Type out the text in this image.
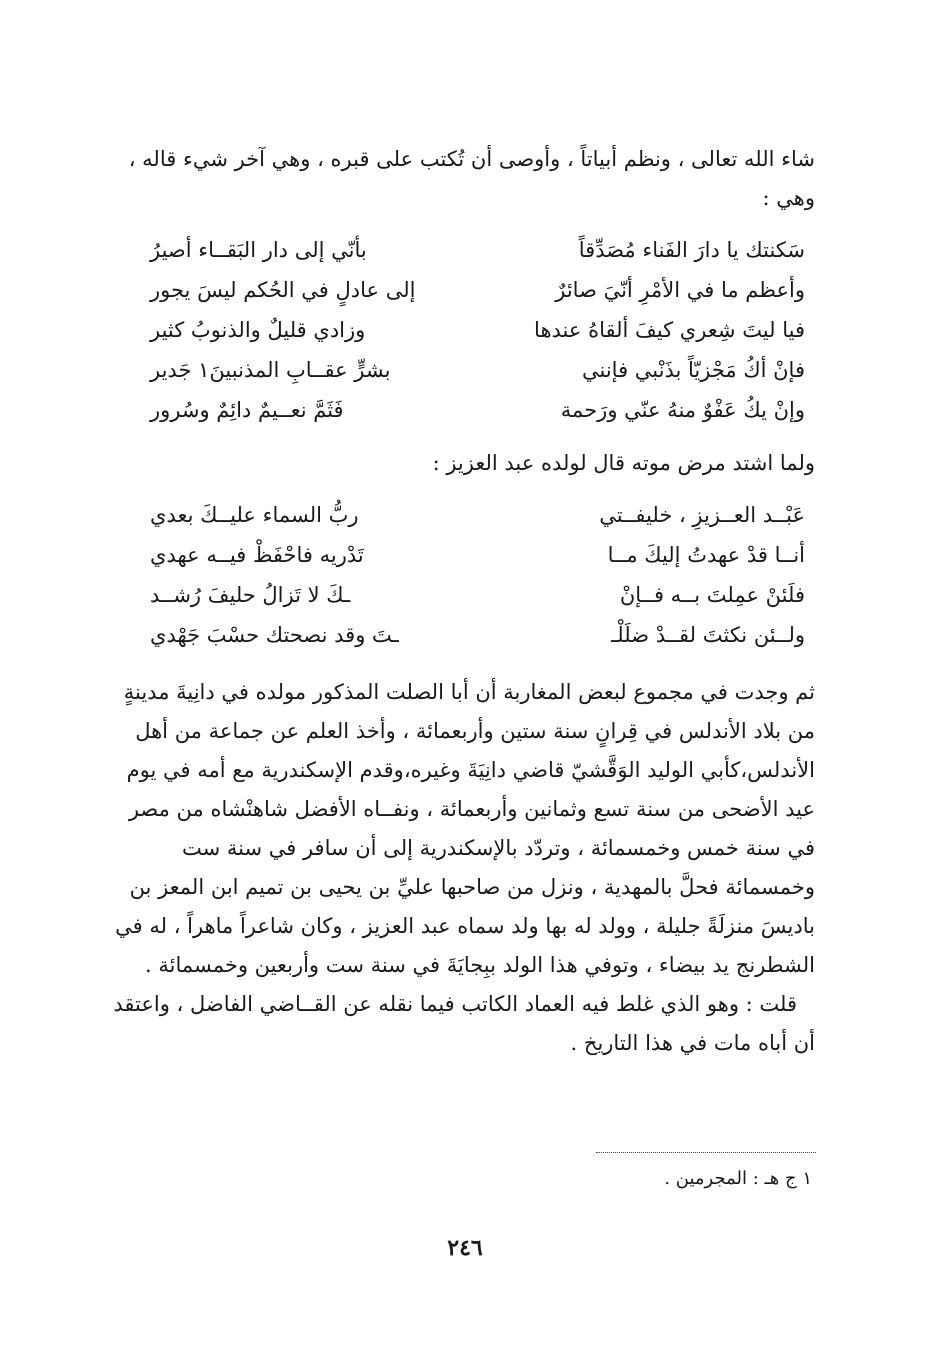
شاء الله تعالى ، ونظم أبياتاً ، وأوصى أن تُكتب على قبره ، وهي آخر شيء قاله ، وهي :

سَكنتك يا دارَ الفَناء مُصَدِّقاً
بأنّي إلى دار البَقــاء أصيرُ
وأعظم ما في الأمْرِ أنّيَ صائرٌ
إلى عادلٍ في الحُكم ليسَ يجور
فيا ليتَ شِعري كيفَ ألقاهُ عندها
وزادي قليلٌ والذنوبُ كثير
فإنْ أكُ مَجْزيّاً بذَنْبي فإنني
بشرٍّ عقــابِ المذنبينَ١ جَدير
وإنْ يكُ عَفْوٌ منهُ عنّي ورَحمة
فَثَمَّ نعــيمٌ دائِمٌ وسُرور

ولما اشتد مرض موته قال لولده عبد العزيز :

عَبْــد العــزيزِ ، خليفــتي
ربُّ السماء عليــكَ بعدي
أنــا قدْ عهدتُ إليكَ مــا
تَدْريه فاحْفَظْ فيــه عهدي
فلَئنْ عمِلتَ بــه فــإنْ
ـكَ لا تَزالُ حليفَ رُشــد
ولــئن نكثتَ لقــدْ ضلَلْـ
ـتَ وقد نصحتك حسْبَ جَهْدي

ثم وجدت في مجموع لبعض المغاربة أن أبا الصلت المذكور مولده في دانِيةَ مدينةٍ من بلاد الأندلس في قِرانٍ سنة ستين وأربعمائة ، وأخذ العلم عن جماعة من أهل الأندلس،كأبي الوليد الوَقَّشيّ قاضي دانِيَةَ وغيره،وقدم الإسكندرية مع أمه في يوم عيد الأضحى من سنة تسع وثمانين وأربعمائة ، ونفــاه الأفضل شاهنْشاه من مصر في سنة خمس وخمسمائة ، وتردّد بالإسكندرية إلى أن سافر في سنة ست وخمسمائة فحلَّ بالمهدية ، ونزل من صاحبها عليِّ بن يحيى بن تميم ابن المعز بن باديسَ منزلَةً جليلة ، وولد له بها ولد سماه عبد العزيز ، وكان شاعراً ماهراً ، له في الشطرنج يد بيضاء ، وتوفي هذا الولد ببِجايَةَ في سنة ست وأربعين وخمسمائة .

قلت : وهو الذي غلط فيه العماد الكاتب فيما نقله عن القــاضي الفاضل ، واعتقد أن أباه مات في هذا التاريخ .

١ ج هـ : المجرمين .
٢٤٦
